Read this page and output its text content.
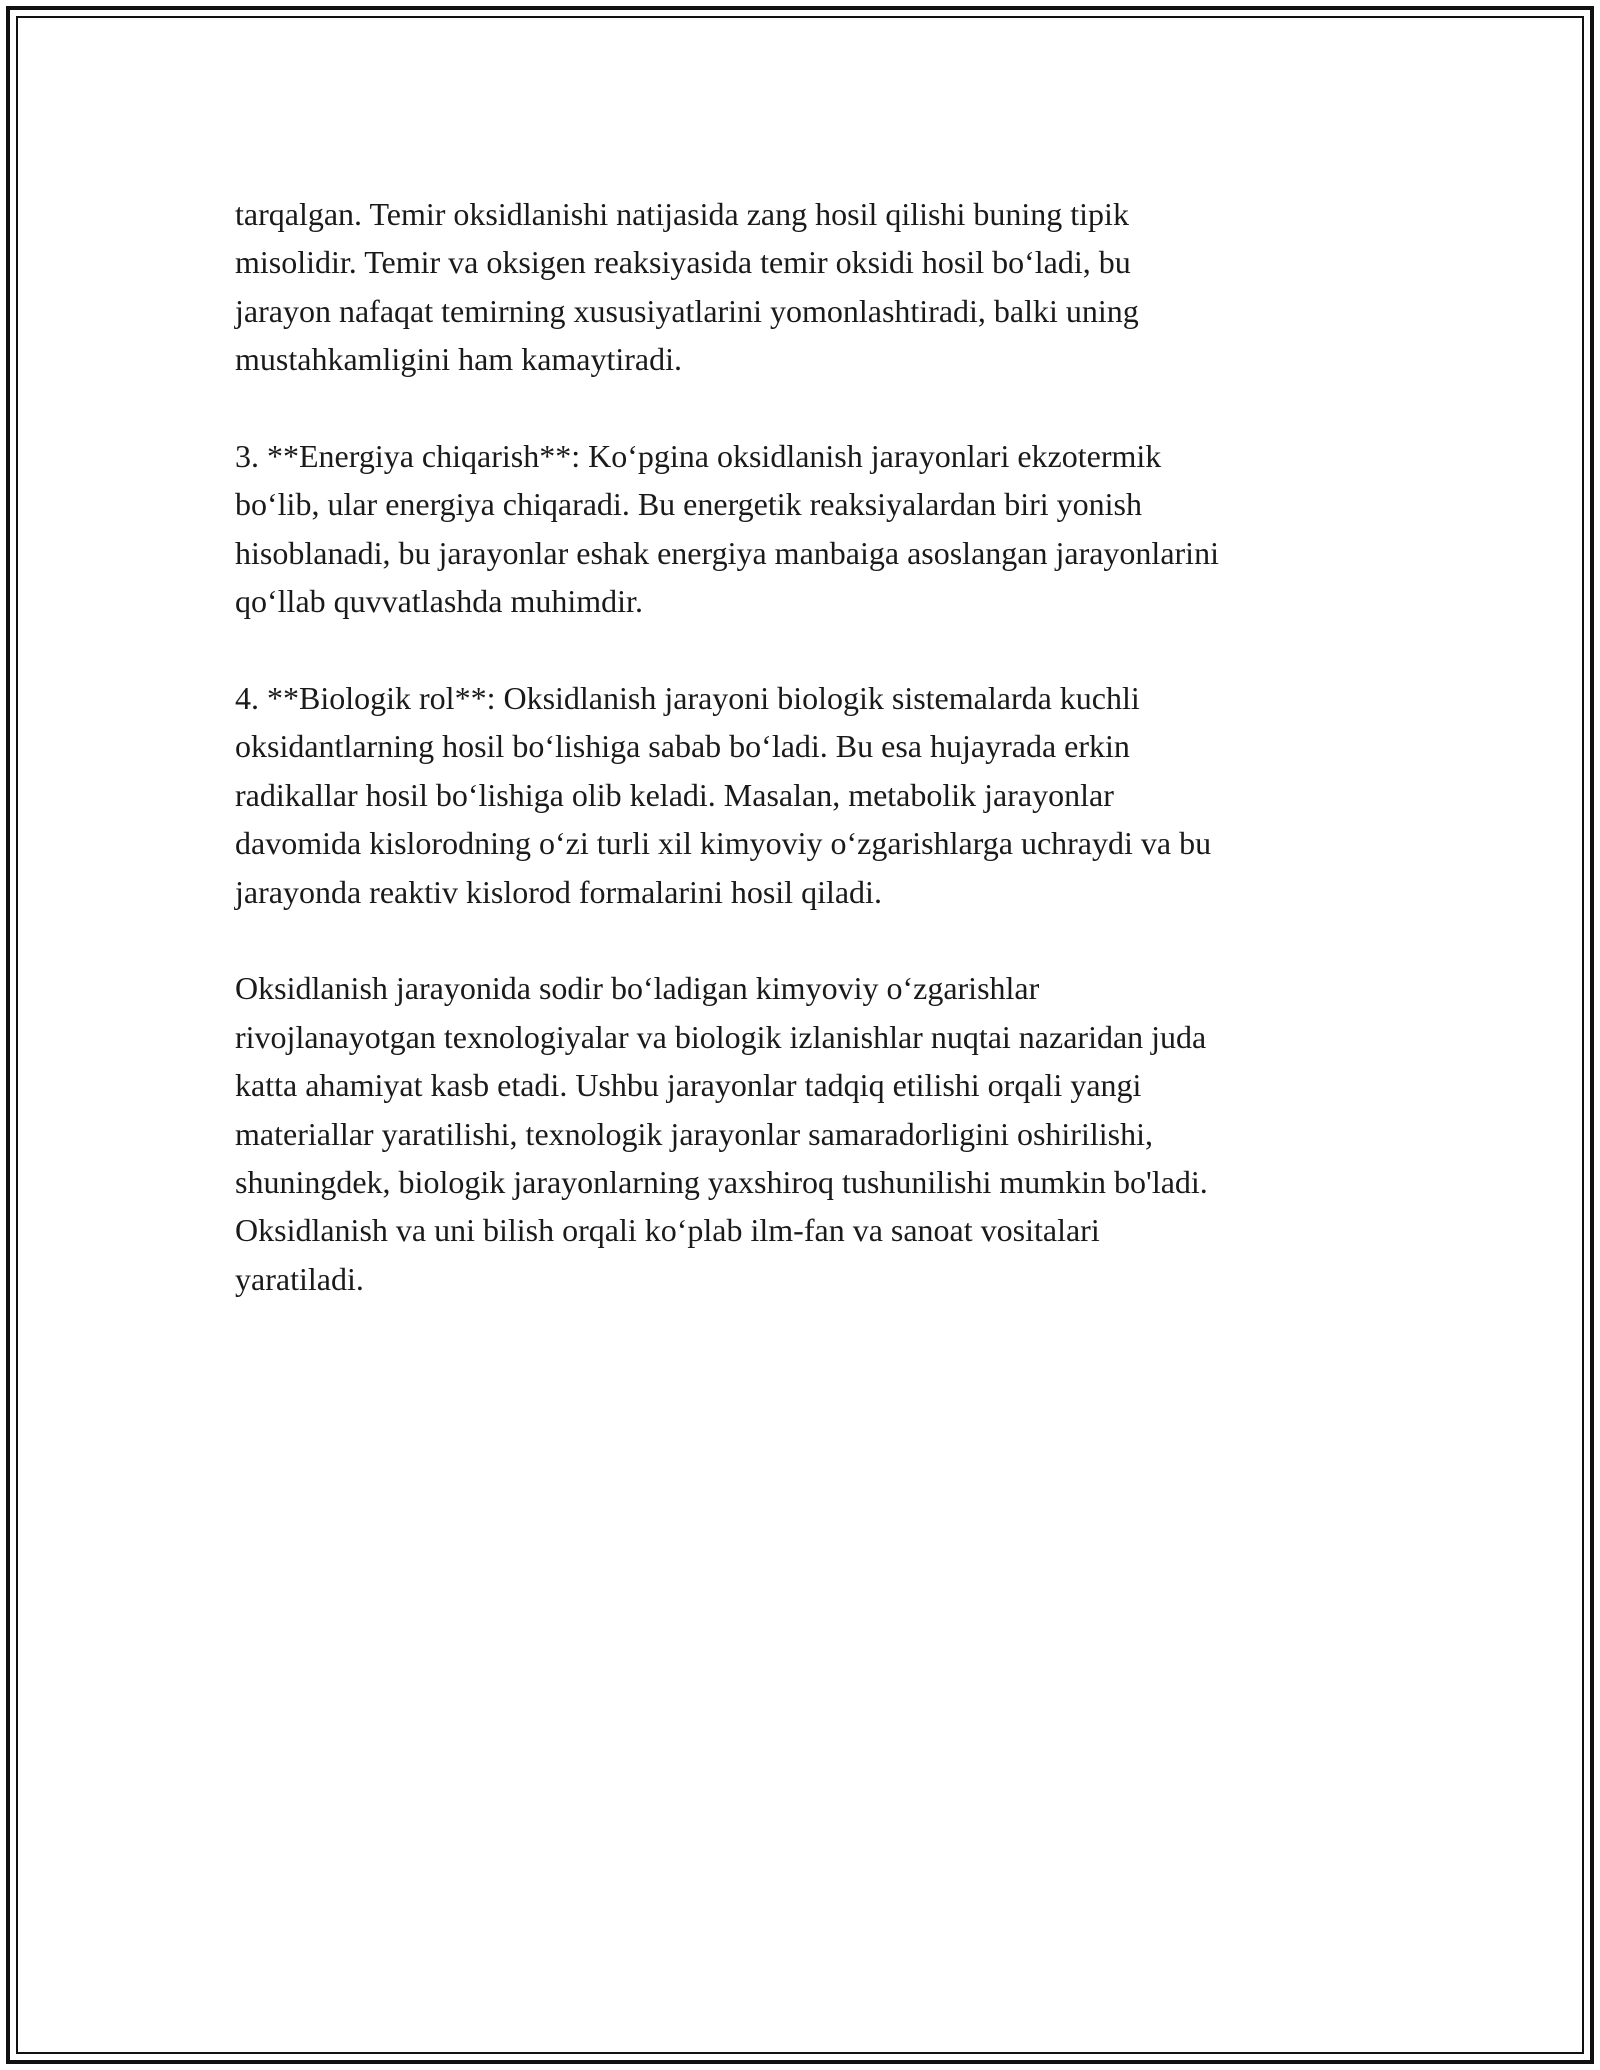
tarqalgan. Temir oksidlanishi natijasida zang hosil qilishi buning tipik
misolidir. Temir va oksigen reaksiyasida temir oksidi hosil bo‘ladi, bu
jarayon nafaqat temirning xususiyatlarini yomonlashtiradi, balki uning
mustahkamligini ham kamaytiradi.

3. **Energiya chiqarish**: Ko‘pgina oksidlanish jarayonlari ekzotermik
bo‘lib, ular energiya chiqaradi. Bu energetik reaksiyalardan biri yonish
hisoblanadi, bu jarayonlar eshak energiya manbaiga asoslangan jarayonlarini
qo‘llab quvvatlashda muhimdir.

4. **Biologik rol**: Oksidlanish jarayoni biologik sistemalarda kuchli
oksidantlarning hosil bo‘lishiga sabab bo‘ladi. Bu esa hujayrada erkin
radikallar hosil bo‘lishiga olib keladi. Masalan, metabolik jarayonlar
davomida kislorodning o‘zi turli xil kimyoviy o‘zgarishlarga uchraydi va bu
jarayonda reaktiv kislorod formalarini hosil qiladi.

Oksidlanish jarayonida sodir bo‘ladigan kimyoviy o‘zgarishlar
rivojlanayotgan texnologiyalar va biologik izlanishlar nuqtai nazaridan juda
katta ahamiyat kasb etadi. Ushbu jarayonlar tadqiq etilishi orqali yangi
materiallar yaratilishi, texnologik jarayonlar samaradorligini oshirilishi,
shuningdek, biologik jarayonlarning yaxshiroq tushunilishi mumkin bo'ladi.
Oksidlanish va uni bilish orqali ko‘plab ilm-fan va sanoat vositalari
yaratiladi.
